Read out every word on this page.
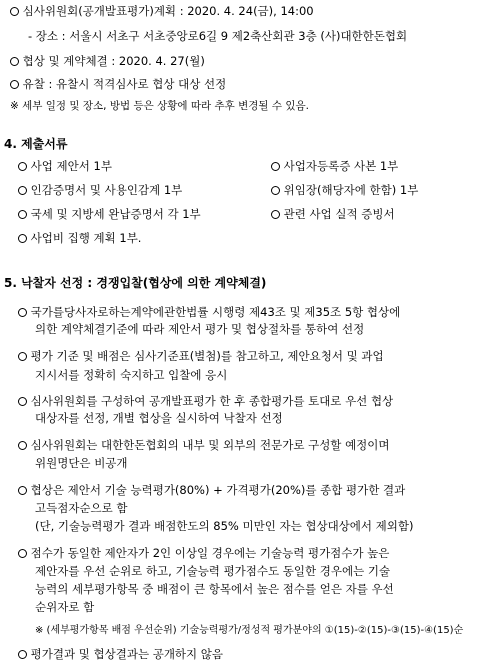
심사위원회(공개발표평가)계획 : 2020. 4. 24(금), 14:00
- 장소 : 서울시 서초구 서초중앙로6길 9 제2축산회관 3층 (사)대한한돈협회
협상 및 계약체결 : 2020. 4. 27(월)
유찰 : 유찰시 적격심사로 협상 대상 선정
※ 세부 일정 및 장소, 방법 등은 상황에 따라 추후 변경될 수 있음.
4. 제출서류
사업 제안서 1부	사업자등록증 사본 1부
인감증명서 및 사용인감계 1부	위임장(해당자에 한함) 1부
국세 및 지방세 완납증명서 각 1부	관련 사업 실적 증빙서
사업비 집행 계획 1부.
5. 낙찰자 선정 : 경쟁입찰(협상에 의한 계약체결)
국가를당사자로하는계약에관한법률 시행령 제43조 및 제35조 5항 협상에
의한 계약체결기준에 따라 제안서 평가 및 협상절차를 통하여 선정
평가 기준 및 배점은 심사기준표(별첨)를 참고하고, 제안요청서 및 과업
지시서를 정확히 숙지하고 입찰에 응시
심사위원회를 구성하여 공개발표평가 한 후 종합평가를 토대로 우선 협상
대상자를 선정, 개별 협상을 실시하여 낙찰자 선정
심사위원회는 대한한돈협회의 내부 및 외부의 전문가로 구성할 예정이며
위원명단은 비공개
협상은 제안서 기술 능력평가(80%) + 가격평가(20%)를 종합 평가한 결과
고득점자순으로 함
(단, 기술능력평가 결과 배점한도의 85% 미만인 자는 협상대상에서 제외함)
점수가 동일한 제안자가 2인 이상일 경우에는 기술능력 평가점수가 높은
제안자를 우선 순위로 하고, 기술능력 평가점수도 동일한 경우에는 기술
능력의 세부평가항목 중 배점이 큰 항목에서 높은 점수를 얻은 자를 우선
순위자로 함
※ (세부평가항목 배점 우선순위) 기술능력평가/정성적 평가분야의 ①(15)-②(15)-③(15)-④(15)순
평가결과 및 협상결과는 공개하지 않음
